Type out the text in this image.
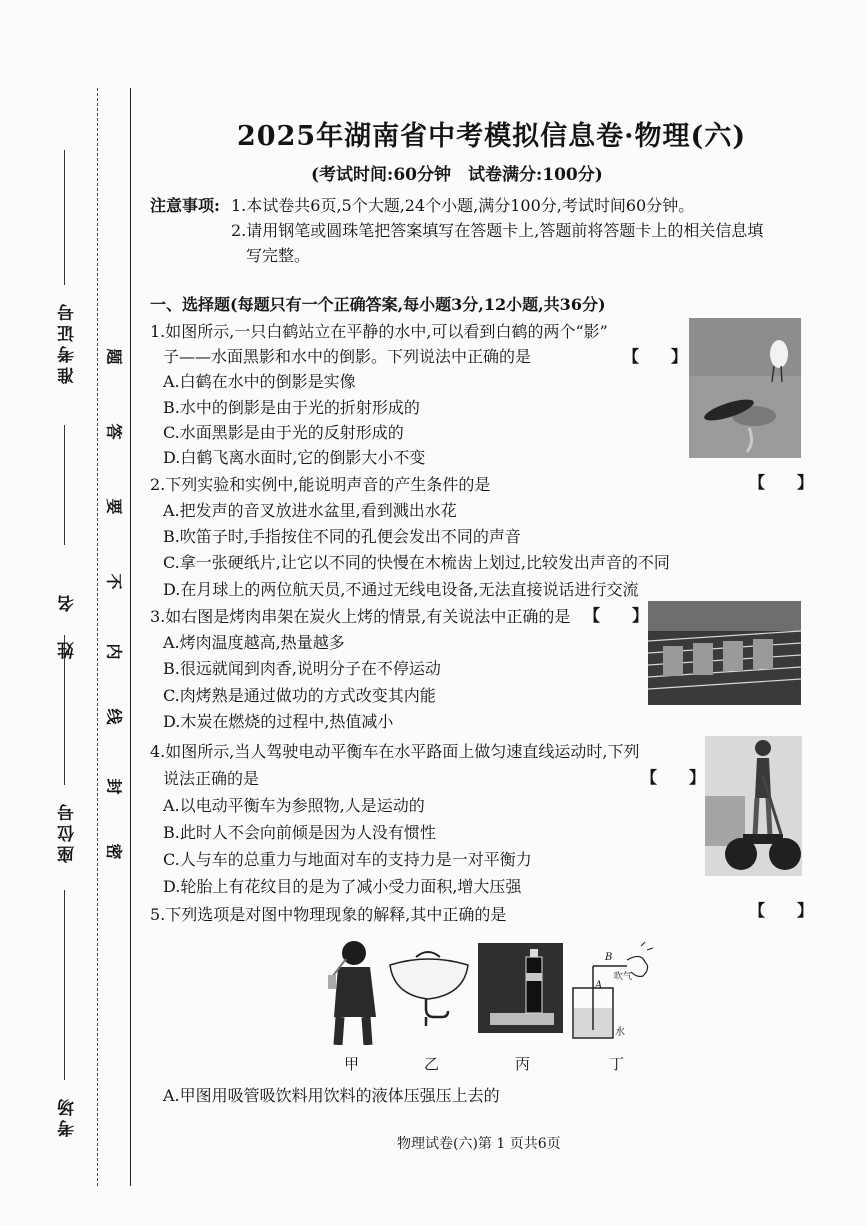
考场
座位号
姓名
准考证号 题
答
要
不
内
线
封
密
2025年湖南省中考模拟信息卷·物理(六)
(考试时间:60分钟　试卷满分:100分)
注意事项: 1.本试卷共6页,5个大题,24个小题,满分100分,考试时间60分钟。
2.请用钢笔或圆珠笔把答案填写在答题卡上,答题前将答题卡上的相关信息填
写完整。
一、选择题(每题只有一个正确答案,每小题3分,12小题,共36分)
1.如图所示,一只白鹤站立在平静的水中,可以看到白鹤的两个“影”
子——水面黑影和水中的倒影。下列说法中正确的是	【　　】
A.白鹤在水中的倒影是实像
B.水中的倒影是由于光的折射形成的
C.水面黑影是由于光的反射形成的
D.白鹤飞离水面时,它的倒影大小不变
2.下列实验和实例中,能说明声音的产生条件的是	【　　】
A.把发声的音叉放进水盆里,看到溅出水花
B.吹笛子时,手指按住不同的孔便会发出不同的声音
C.拿一张硬纸片,让它以不同的快慢在木梳齿上划过,比较发出声音的不同
D.在月球上的两位航天员,不通过无线电设备,无法直接说话进行交流
3.如右图是烤肉串架在炭火上烤的情景,有关说法中正确的是 【　　】
A.烤肉温度越高,热量越多
B.很远就闻到肉香,说明分子在不停运动
C.肉烤熟是通过做功的方式改变其内能
D.木炭在燃烧的过程中,热值减小
4.如图所示,当人驾驶电动平衡车在水平路面上做匀速直线运动时,下列
说法正确的是	【　　】
A.以电动平衡车为参照物,人是运动的
B.此时人不会向前倾是因为人没有惯性
C.人与车的总重力与地面对车的支持力是一对平衡力
D.轮胎上有花纹目的是为了减小受力面积,增大压强
5.下列选项是对图中物理现象的解释,其中正确的是	【　　】
B
A
吹气
水
甲	乙	丙	丁
A.甲图用吸管吸饮料用饮料的液体压强压上去的
物理试卷(六)第 1 页共6页
